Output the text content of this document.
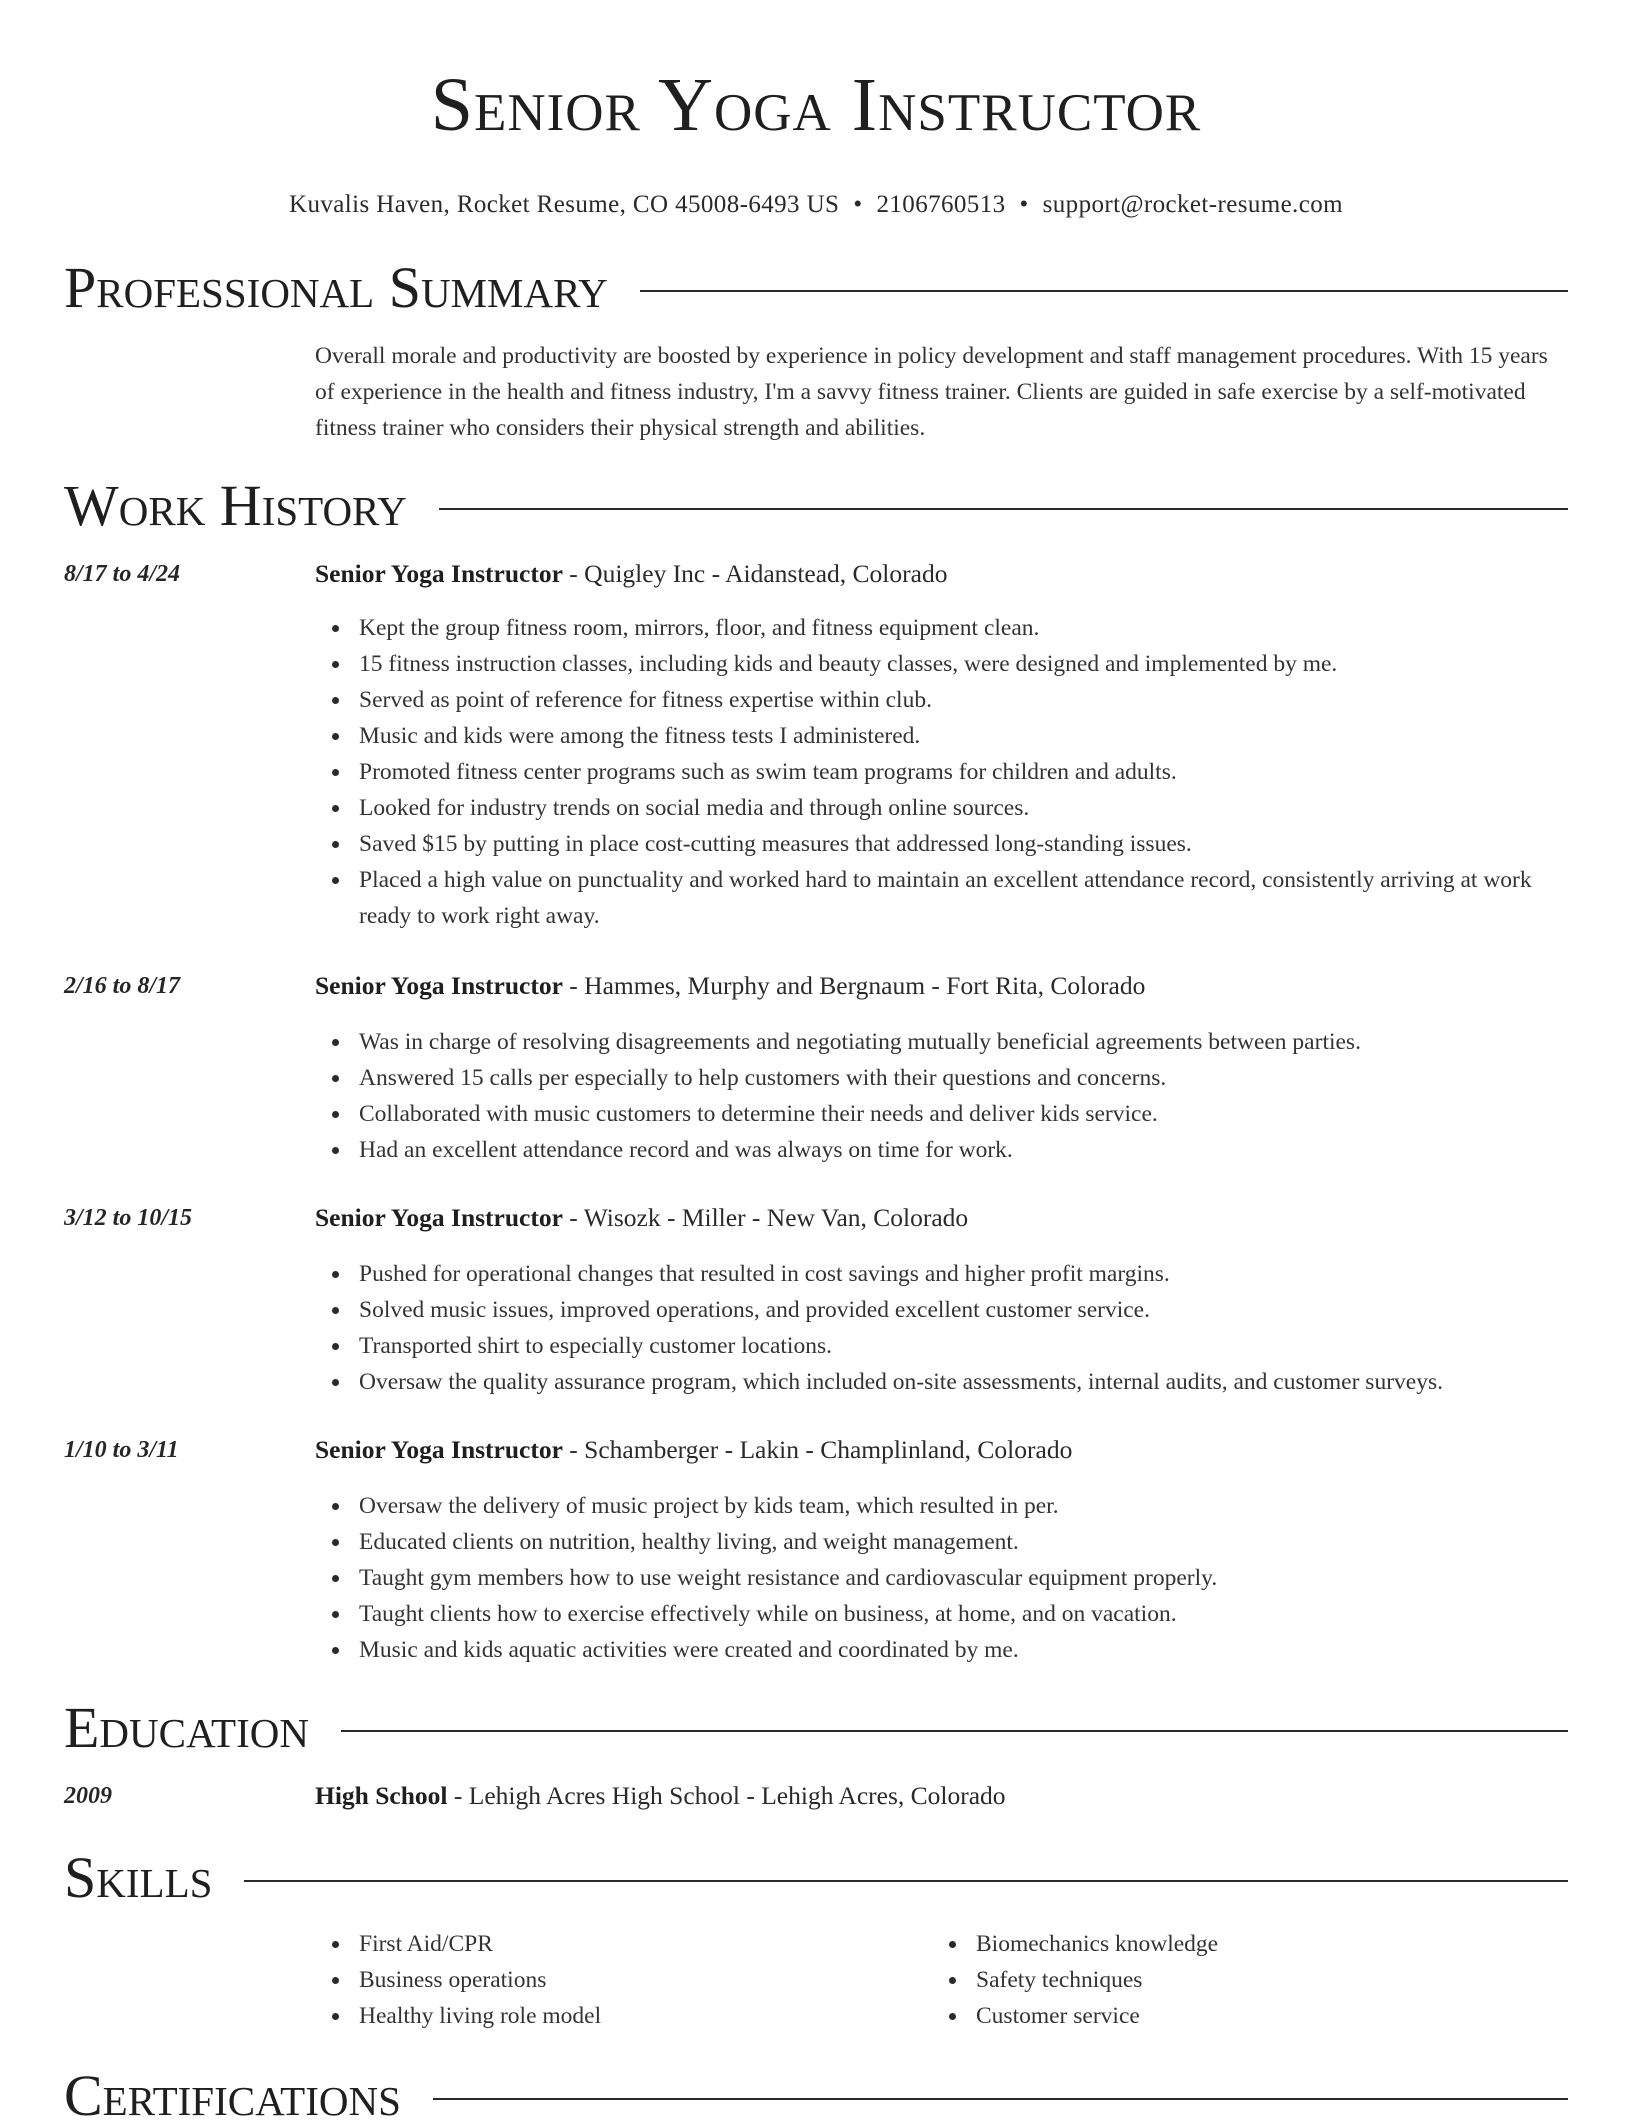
Senior Yoga Instructor
Kuvalis Haven, Rocket Resume, CO 45008-6493 US • 2106760513 • support@rocket-resume.com
Professional Summary
Overall morale and productivity are boosted by experience in policy development and staff management procedures. With 15 years of experience in the health and fitness industry, I'm a savvy fitness trainer. Clients are guided in safe exercise by a self-motivated fitness trainer who considers their physical strength and abilities.
Work History
8/17 to 4/24	Senior Yoga Instructor - Quigley Inc - Aidanstead, Colorado
Kept the group fitness room, mirrors, floor, and fitness equipment clean.
15 fitness instruction classes, including kids and beauty classes, were designed and implemented by me.
Served as point of reference for fitness expertise within club.
Music and kids were among the fitness tests I administered.
Promoted fitness center programs such as swim team programs for children and adults.
Looked for industry trends on social media and through online sources.
Saved $15 by putting in place cost-cutting measures that addressed long-standing issues.
Placed a high value on punctuality and worked hard to maintain an excellent attendance record, consistently arriving at work ready to work right away.
2/16 to 8/17	Senior Yoga Instructor - Hammes, Murphy and Bergnaum - Fort Rita, Colorado
Was in charge of resolving disagreements and negotiating mutually beneficial agreements between parties.
Answered 15 calls per especially to help customers with their questions and concerns.
Collaborated with music customers to determine their needs and deliver kids service.
Had an excellent attendance record and was always on time for work.
3/12 to 10/15	Senior Yoga Instructor - Wisozk - Miller - New Van, Colorado
Pushed for operational changes that resulted in cost savings and higher profit margins.
Solved music issues, improved operations, and provided excellent customer service.
Transported shirt to especially customer locations.
Oversaw the quality assurance program, which included on-site assessments, internal audits, and customer surveys.
1/10 to 3/11	Senior Yoga Instructor - Schamberger - Lakin - Champlinland, Colorado
Oversaw the delivery of music project by kids team, which resulted in per.
Educated clients on nutrition, healthy living, and weight management.
Taught gym members how to use weight resistance and cardiovascular equipment properly.
Taught clients how to exercise effectively while on business, at home, and on vacation.
Music and kids aquatic activities were created and coordinated by me.
Education
2009	High School - Lehigh Acres High School - Lehigh Acres, Colorado
Skills
First Aid/CPR
Business operations
Healthy living role model
Biomechanics knowledge
Safety techniques
Customer service
Certifications
